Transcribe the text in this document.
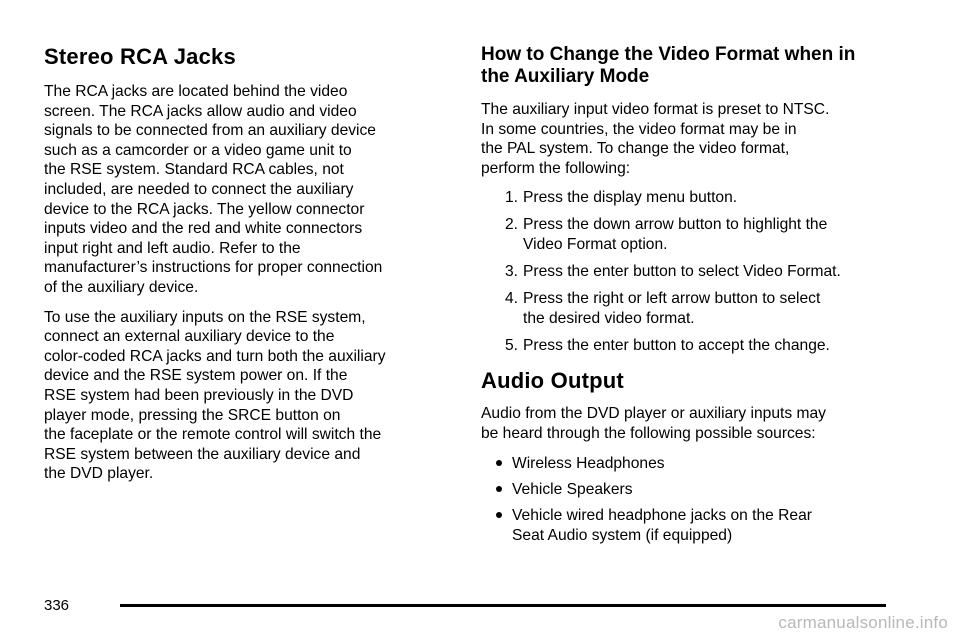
Stereo RCA Jacks

The RCA jacks are located behind the video
screen. The RCA jacks allow audio and video
signals to be connected from an auxiliary device
such as a camcorder or a video game unit to
the RSE system. Standard RCA cables, not
included, are needed to connect the auxiliary
device to the RCA jacks. The yellow connector
inputs video and the red and white connectors
input right and left audio. Refer to the
manufacturer’s instructions for proper connection
of the auxiliary device.

To use the auxiliary inputs on the RSE system,
connect an external auxiliary device to the
color-coded RCA jacks and turn both the auxiliary
device and the RSE system power on. If the
RSE system had been previously in the DVD
player mode, pressing the SRCE button on
the faceplate or the remote control will switch the
RSE system between the auxiliary device and
the DVD player.

How to Change the Video Format when in
the Auxiliary Mode

The auxiliary input video format is preset to NTSC.
In some countries, the video format may be in
the PAL system. To change the video format,
perform the following:

1. Press the display menu button.
2. Press the down arrow button to highlight the
Video Format option.
3. Press the enter button to select Video Format.
4. Press the right or left arrow button to select
the desired video format.
5. Press the enter button to accept the change.
Audio Output

Audio from the DVD player or auxiliary inputs may
be heard through the following possible sources:

Wireless Headphones
Vehicle Speakers
Vehicle wired headphone jacks on the Rear
Seat Audio system (if equipped)
336
carmanualsonline.info
